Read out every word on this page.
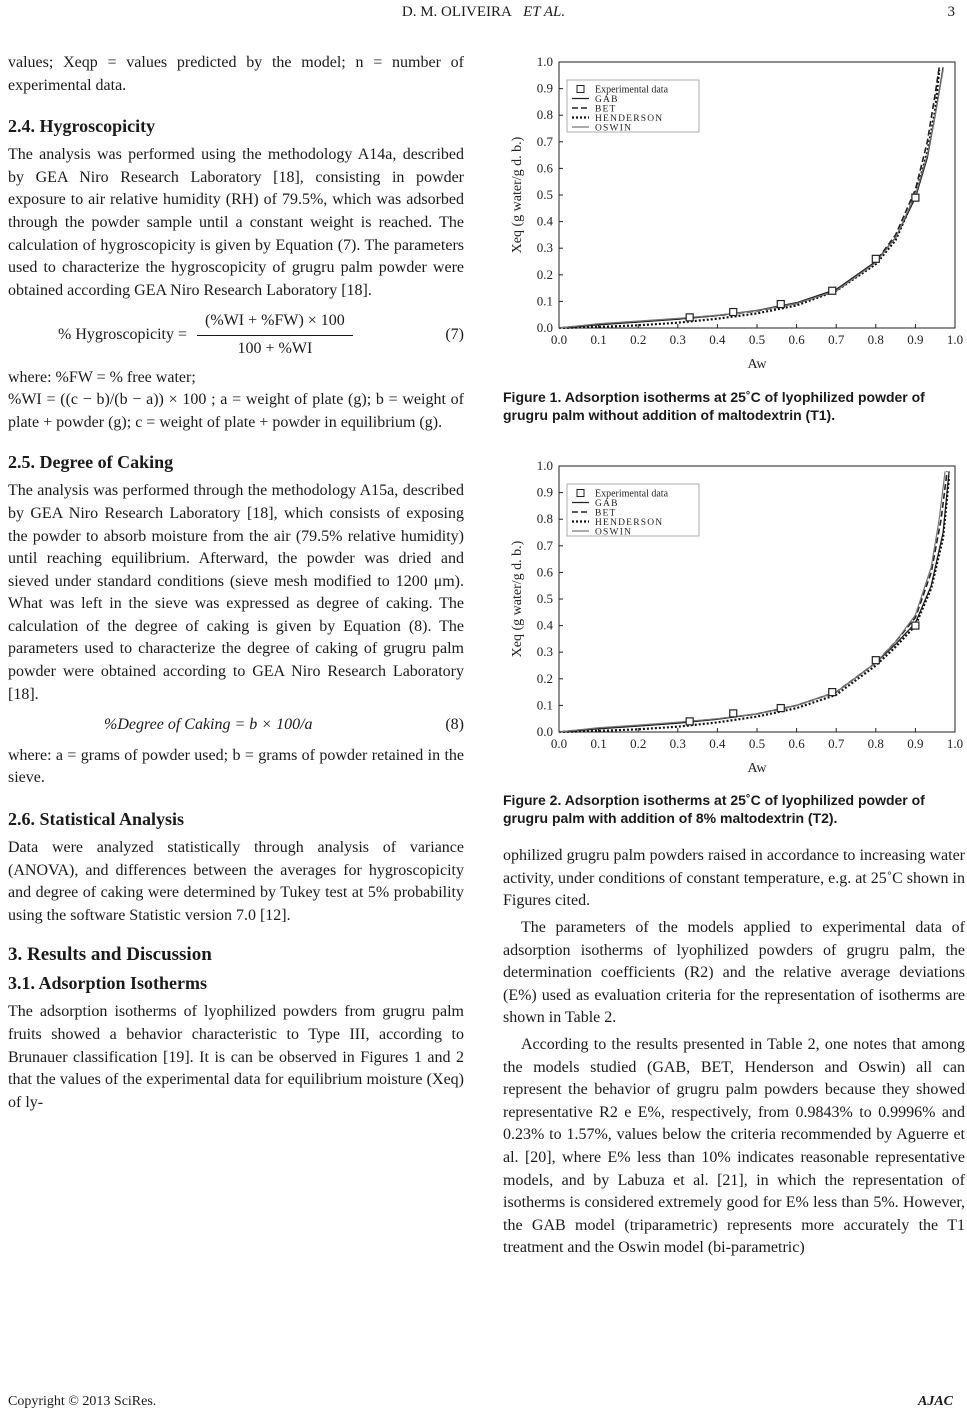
D. M. OLIVEIRA ET AL.	3

values; Xeqp = values predicted by the model; n = number of experimental data.

2.4. Hygroscopicity

The analysis was performed using the methodology A14a, described by GEA Niro Research Laboratory [18], consisting in powder exposure to air relative humidity (RH) of 79.5%, which was adsorbed through the powder sample until a constant weight is reached. The calculation of hygroscopicity is given by Equation (7). The parameters used to characterize the hygroscopicity of grugru palm powder were obtained according GEA Niro Research Laboratory [18].

% Hygroscopicity = $\frac{(\%WI + \%FW) \times 100}{100 + \%WI}$	(7)

where: %FW = % free water;

%WI = ((c − b)/(b − a)) × 100 ; a = weight of plate (g); b = weight of plate + powder (g); c = weight of plate + powder in equilibrium (g).

2.5. Degree of Caking

The analysis was performed through the methodology A15a, described by GEA Niro Research Laboratory [18], which consists of exposing the powder to absorb moisture from the air (79.5% relative humidity) until reaching equilibrium. Afterward, the powder was dried and sieved under standard conditions (sieve mesh modified to 1200 μm). What was left in the sieve was expressed as degree of caking. The calculation of the degree of caking is given by Equation (8). The parameters used to characterize the degree of caking of grugru palm powder were obtained according to GEA Niro Research Laboratory [18].

%Degree of Caking = b × 100/a	(8)

where: a = grams of powder used; b = grams of powder retained in the sieve.

2.6. Statistical Analysis

Data were analyzed statistically through analysis of variance (ANOVA), and differences between the averages for hygroscopicity and degree of caking were determined by Tukey test at 5% probability using the software Statistic version 7.0 [12].

3. Results and Discussion
3.1. Adsorption Isotherms

The adsorption isotherms of lyophilized powders from grugru palm fruits showed a behavior characteristic to Type III, according to Brunauer classification [19]. It is can be observed in Figures 1 and 2 that the values of the experimental data for equilibrium moisture (Xeq) of ly-

0.0
0.0
0.1
0.1
0.2
0.2
0.3
0.3
0.4
0.4
0.5
0.5
0.6
0.6
0.7
0.7
0.8
0.8
0.9
0.9
1.0
1.0
Aw
Xeq (g water/g d. b.)
Experimental data
GAB
BET
HENDERSON
OSWIN

Figure 1. Adsorption isotherms at 25˚C of lyophilized powder of grugru palm without addition of maltodextrin (T1).

0.0
0.0
0.1
0.1
0.2
0.2
0.3
0.3
0.4
0.4
0.5
0.5
0.6
0.6
0.7
0.7
0.8
0.8
0.9
0.9
1.0
1.0
Aw
Xeq (g water/g d. b.)
Experimental data
GAB
BET
HENDERSON
OSWIN

Figure 2. Adsorption isotherms at 25˚C of lyophilized powder of grugru palm with addition of 8% maltodextrin (T2).

ophilized grugru palm powders raised in accordance to increasing water activity, under conditions of constant temperature, e.g. at 25˚C shown in Figures cited.

The parameters of the models applied to experimental data of adsorption isotherms of lyophilized powders of grugru palm, the determination coefficients (R2) and the relative average deviations (E%) used as evaluation criteria for the representation of isotherms are shown in Table 2.

According to the results presented in Table 2, one notes that among the models studied (GAB, BET, Henderson and Oswin) all can represent the behavior of grugru palm powders because they showed representative R2 e E%, respectively, from 0.9843% to 0.9996% and 0.23% to 1.57%, values below the criteria recommended by Aguerre et al. [20], where E% less than 10% indicates reasonable representative models, and by Labuza et al. [21], in which the representation of isotherms is considered extremely good for E% less than 5%. However, the GAB model (triparametric) represents more accurately the T1 treatment and the Oswin model (bi-parametric)

Copyright © 2013 SciRes.	AJAC
